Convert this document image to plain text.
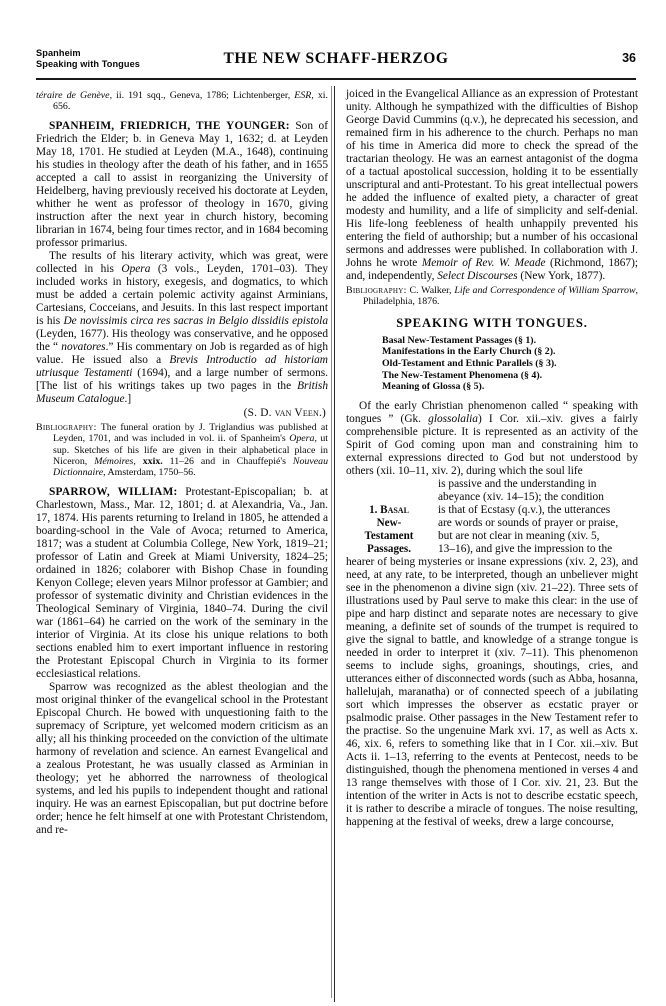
Spanheim
Speaking with Tongues	THE NEW SCHAFF-HERZOG	36

téraire de Genève, ii. 191 sqq., Geneva, 1786; Lichtenberger, ESR, xi. 656.

SPANHEIM, FRIEDRICH, THE YOUNGER: Son of Friedrich the Elder; b. in Geneva May 1, 1632; d. at Leyden May 18, 1701. He studied at Leyden (M.A., 1648), continuing his studies in theology after the death of his father, and in 1655 accepted a call to assist in reorganizing the University of Heidelberg, having previously received his doctorate at Leyden, whither he went as professor of theology in 1670, giving instruction after the next year in church history, becoming librarian in 1674, being four times rector, and in 1684 becoming professor primarius.

The results of his literary activity, which was great, were collected in his Opera (3 vols., Leyden, 1701–03). They included works in history, exegesis, and dogmatics, to which must be added a certain polemic activity against Arminians, Cartesians, Cocceians, and Jesuits. In this last respect important is his De novissimis circa res sacras in Belgio dissidiis epistola (Leyden, 1677). His theology was conservative, and he opposed the “ novatores.” His commentary on Job is regarded as of high value. He issued also a Brevis Introductio ad historiam utriusque Testamenti (1694), and a large number of sermons. [The list of his writings takes up two pages in the British Museum Catalogue.]

(S. D. van Veen.)

Bibliography: The funeral oration by J. Triglandius was published at Leyden, 1701, and was included in vol. ii. of Spanheim's Opera, ut sup. Sketches of his life are given in their alphabetical place in Niceron, Mémoires, xxix. 11–26 and in Chauffepié's Nouveau Dictionnaire, Amsterdam, 1750–56.

SPARROW, WILLIAM: Protestant-Episcopalian; b. at Charlestown, Mass., Mar. 12, 1801; d. at Alexandria, Va., Jan. 17, 1874. His parents returning to Ireland in 1805, he attended a boarding-school in the Vale of Avoca; returned to America, 1817; was a student at Columbia College, New York, 1819–21; professor of Latin and Greek at Miami University, 1824–25; ordained in 1826; colaborer with Bishop Chase in founding Kenyon College; eleven years Milnor professor at Gambier; and professor of systematic divinity and Christian evidences in the Theological Seminary of Virginia, 1840–74. During the civil war (1861–64) he carried on the work of the seminary in the interior of Virginia. At its close his unique relations to both sections enabled him to exert important influence in restoring the Protestant Episcopal Church in Virginia to its former ecclesiastical relations.

Sparrow was recognized as the ablest theologian and the most original thinker of the evangelical school in the Protestant Episcopal Church. He bowed with unquestioning faith to the supremacy of Scripture, yet welcomed modern criticism as an ally; all his thinking proceeded on the conviction of the ultimate harmony of revelation and science. An earnest Evangelical and a zealous Protestant, he was usually classed as Arminian in theology; yet he abhorred the narrowness of theological systems, and led his pupils to independent thought and rational inquiry. He was an earnest Episcopalian, but put doctrine before order; hence he felt himself at one with Protestant Christendom, and re-

joiced in the Evangelical Alliance as an expression of Protestant unity. Although he sympathized with the difficulties of Bishop George David Cummins (q.v.), he deprecated his secession, and remained firm in his adherence to the church. Perhaps no man of his time in America did more to check the spread of the tractarian theology. He was an earnest antagonist of the dogma of a tactual apostolical succession, holding it to be essentially unscriptural and anti-Protestant. To his great intellectual powers he added the influence of exalted piety, a character of great modesty and humility, and a life of simplicity and self-denial. His life-long feebleness of health unhappily prevented his entering the field of authorship; but a number of his occasional sermons and addresses were published. In collaboration with J. Johns he wrote Memoir of Rev. W. Meade (Richmond, 1867); and, independently, Select Discourses (New York, 1877).

Bibliography: C. Walker, Life and Correspondence of William Sparrow, Philadelphia, 1876.

SPEAKING WITH TONGUES.
Basal New-Testament Passages (§ 1).
Manifestations in the Early Church (§ 2).
Old-Testament and Ethnic Parallels (§ 3).
The New-Testament Phenomena (§ 4).
Meaning of Glossa (§ 5).

Of the early Christian phenomenon called “ speaking with tongues ” (Gk. glossolalia) I Cor. xii.–xiv. gives a fairly comprehensible picture. It is represented as an activity of the Spirit of God coming upon man and constraining him to external expressions directed to God but not understood by others (xii. 10–11, xiv. 2), during which the soul life

1. Basal
New-
Testament
Passages.
is passive and the understanding in
abeyance (xiv. 14–15); the condition
is that of Ecstasy (q.v.), the utterances
are words or sounds of prayer or praise,
but are not clear in meaning (xiv. 5,
13–16), and give the impression to the

hearer of being mysteries or insane expressions (xiv. 2, 23), and need, at any rate, to be interpreted, though an unbeliever might see in the phenomenon a divine sign (xiv. 21–22). Three sets of illustrations used by Paul serve to make this clear: in the use of pipe and harp distinct and separate notes are necessary to give meaning, a definite set of sounds of the trumpet is required to give the signal to battle, and knowledge of a strange tongue is needed in order to interpret it (xiv. 7–11). This phenomenon seems to include sighs, groanings, shoutings, cries, and utterances either of disconnected words (such as Abba, hosanna, hallelujah, maranatha) or of connected speech of a jubilating sort which impresses the observer as ecstatic prayer or psalmodic praise. Other passages in the New Testament refer to the practise. So the ungenuine Mark xvi. 17, as well as Acts x. 46, xix. 6, refers to something like that in I Cor. xii.–xiv. But Acts ii. 1–13, referring to the events at Pentecost, needs to be distinguished, though the phenomena mentioned in verses 4 and 13 range themselves with those of I Cor. xiv. 21, 23. But the intention of the writer in Acts is not to describe ecstatic speech, it is rather to describe a miracle of tongues. The noise resulting, happening at the festival of weeks, drew a large concourse,
